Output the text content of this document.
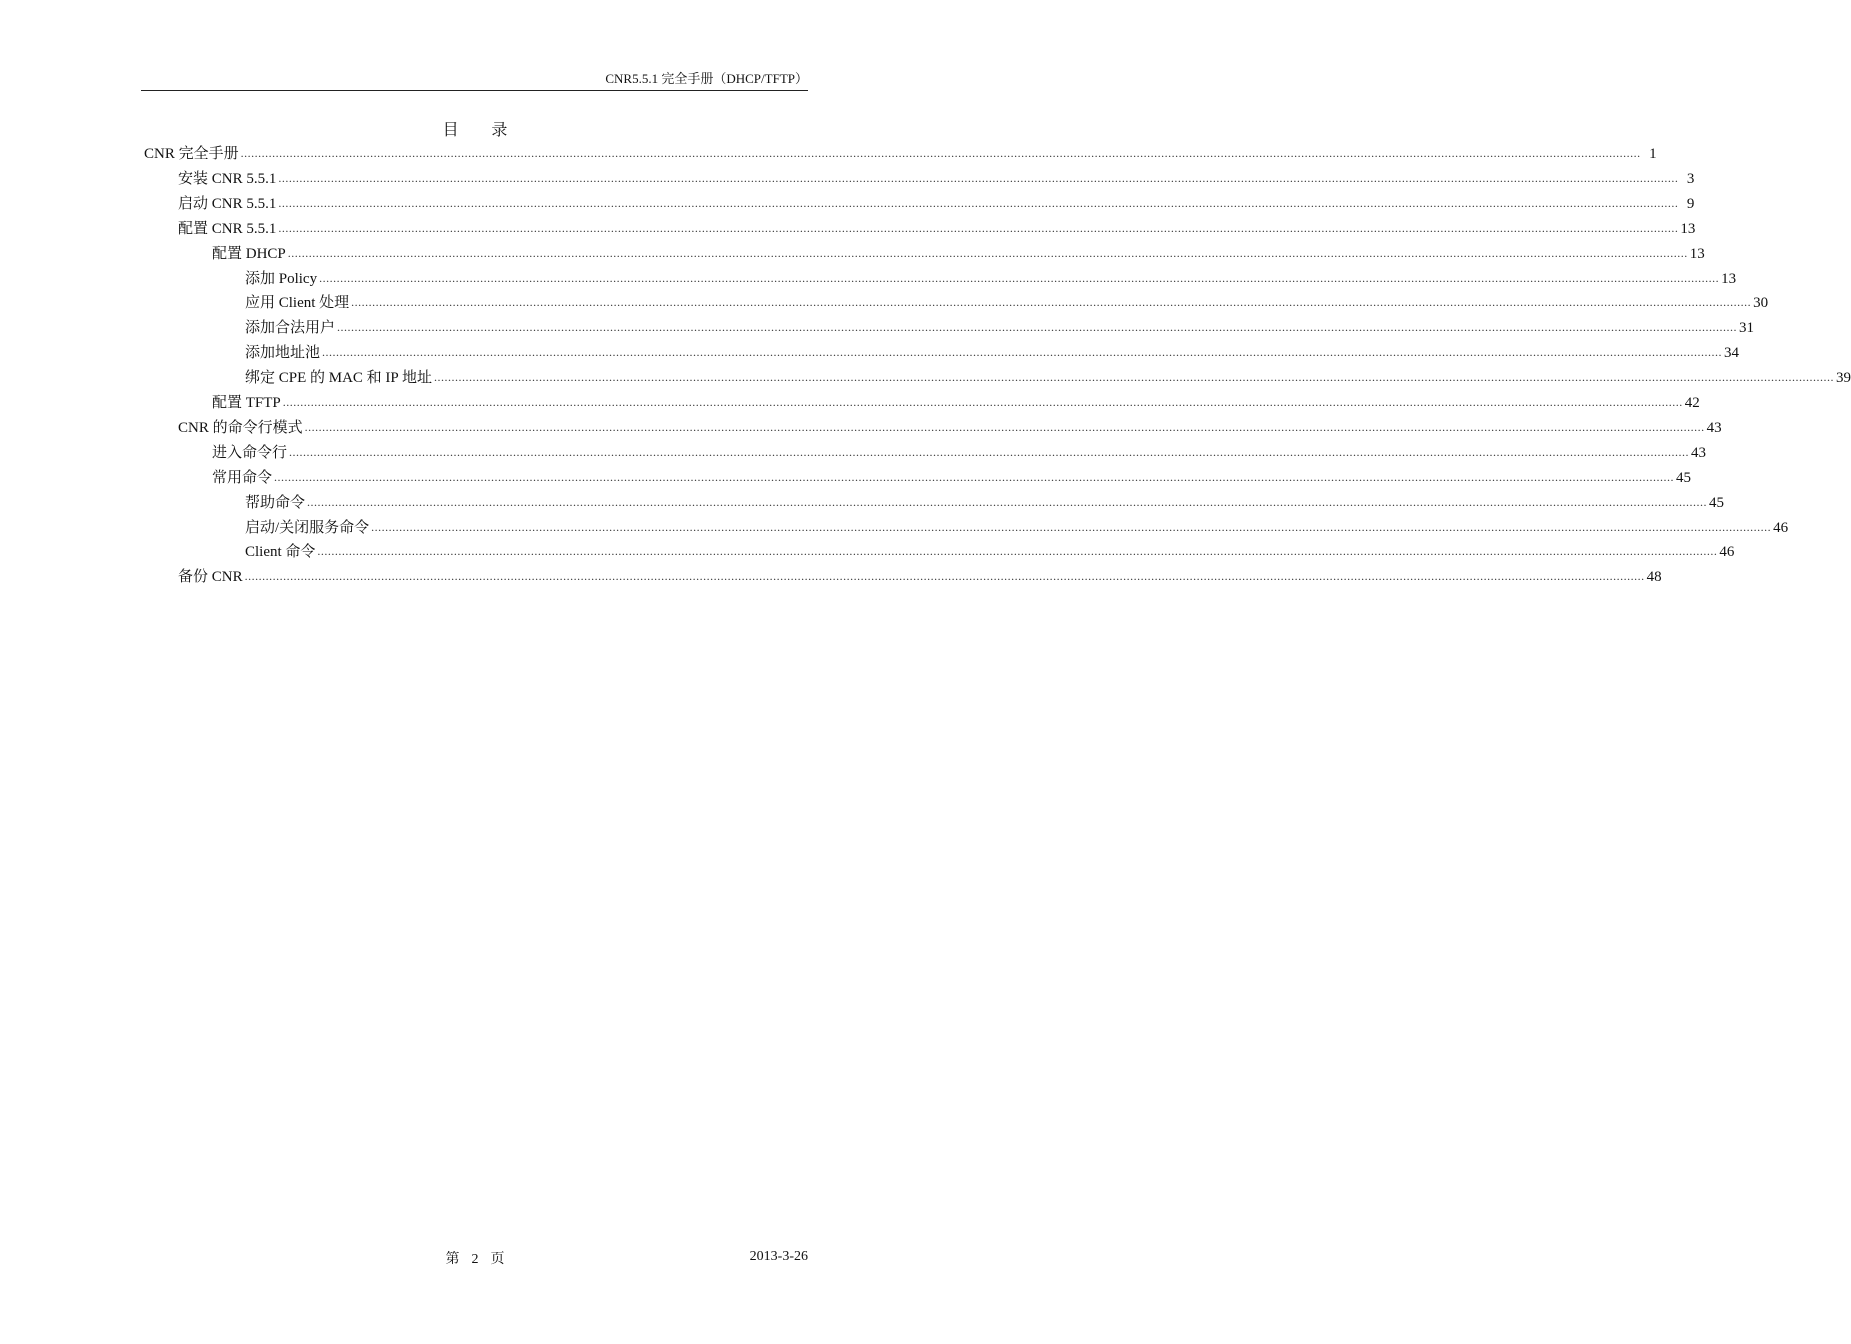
CNR5.5.1 完全手册（DHCP/TFTP）
目 录
CNR 完全手册 ................................................................................................................................................................................................................................................................................................................................................................................................................ 1
安装 CNR 5.5.1 ................................................................................................................................................................................................................................................................................................................................................................................................................ 3
启动 CNR 5.5.1 ................................................................................................................................................................................................................................................................................................................................................................................................................ 9
配置 CNR 5.5.1 ................................................................................................................................................................................................................................................................................................................................................................................................................ 13
配置 DHCP ................................................................................................................................................................................................................................................................................................................................................................................................................ 13
添加 Policy ................................................................................................................................................................................................................................................................................................................................................................................................................ 13
应用 Client 处理 ................................................................................................................................................................................................................................................................................................................................................................................................................ 30
添加合法用户 ................................................................................................................................................................................................................................................................................................................................................................................................................ 31
添加地址池 ................................................................................................................................................................................................................................................................................................................................................................................................................ 34
绑定 CPE 的 MAC 和 IP 地址 ................................................................................................................................................................................................................................................................................................................................................................................................................ 39
配置 TFTP ................................................................................................................................................................................................................................................................................................................................................................................................................ 42
CNR 的命令行模式 ................................................................................................................................................................................................................................................................................................................................................................................................................ 43
进入命令行 ................................................................................................................................................................................................................................................................................................................................................................................................................ 43
常用命令 ................................................................................................................................................................................................................................................................................................................................................................................................................ 45
帮助命令 ................................................................................................................................................................................................................................................................................................................................................................................................................ 45
启动/关闭服务命令 ................................................................................................................................................................................................................................................................................................................................................................................................................ 46
Client 命令 ................................................................................................................................................................................................................................................................................................................................................................................................................ 46
备份 CNR ................................................................................................................................................................................................................................................................................................................................................................................................................ 48
第 2 页	2013-3-26
